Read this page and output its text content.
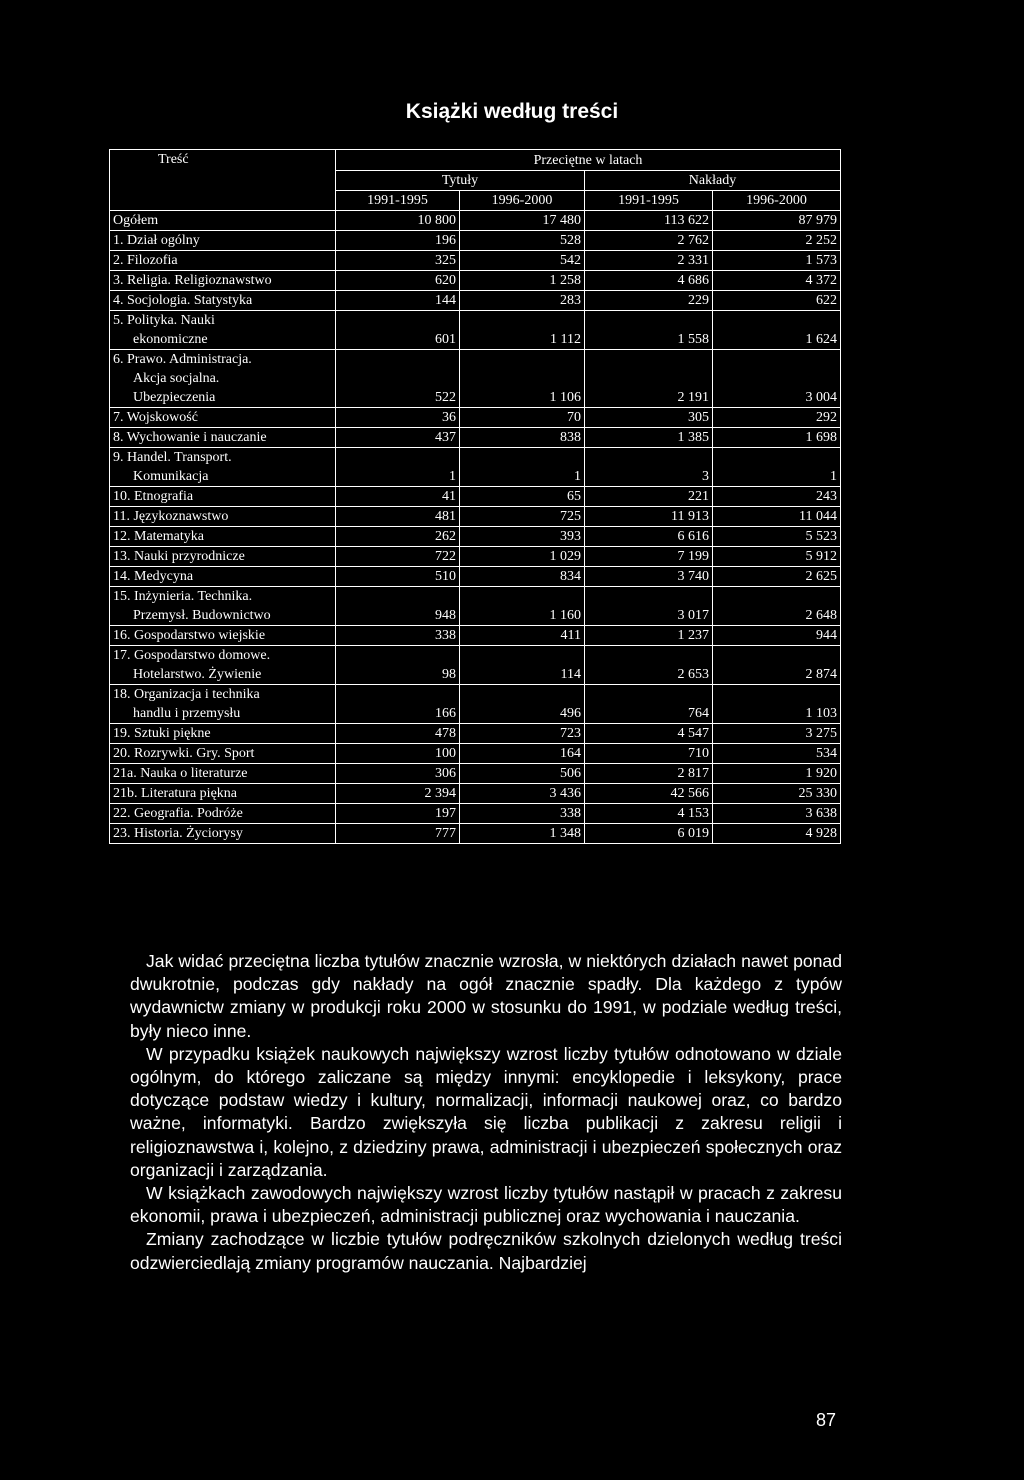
Książki według treści
Treść	Przeciętne w latach			
	Tytuły		Nakłady	
	1991-1995	1996-2000	1991-1995	1996-2000

Ogółem	10 800	17 480	113 622	87 979

1. Dział ogólny	196	528	2 762	2 252

2. Filozofia	325	542	2 331	1 573

3. Religia. Religioznawstwo	620	1 258	4 686	4 372

4. Socjologia. Statystyka	144	283	229	622

5. Polityka. Nauki
ekonomiczne	601	1 112	1 558	1 624

6. Prawo. Administracja.
Akcja socjalna.
Ubezpieczenia	522	1 106	2 191	3 004

7. Wojskowość	36	70	305	292

8. Wychowanie i nauczanie	437	838	1 385	1 698

9. Handel. Transport.
Komunikacja	1	1	3	1

10. Etnografia	41	65	221	243

11. Językoznawstwo	481	725	11 913	11 044

12. Matematyka	262	393	6 616	5 523

13. Nauki przyrodnicze	722	1 029	7 199	5 912

14. Medycyna	510	834	3 740	2 625

15. Inżynieria. Technika.
Przemysł. Budownictwo	948	1 160	3 017	2 648

16. Gospodarstwo wiejskie	338	411	1 237	944

17. Gospodarstwo domowe.
Hotelarstwo. Żywienie	98	114	2 653	2 874

18. Organizacja i technika
handlu i przemysłu	166	496	764	1 103

19. Sztuki piękne	478	723	4 547	3 275

20. Rozrywki. Gry. Sport	100	164	710	534

21a. Nauka o literaturze	306	506	2 817	1 920

21b. Literatura piękna	2 394	3 436	42 566	25 330

22. Geografia. Podróże	197	338	4 153	3 638

23. Historia. Życiorysy	777	1 348	6 019	4 928

Jak widać przeciętna liczba tytułów znacznie wzrosła, w niektórych działach nawet ponad dwukrotnie, podczas gdy nakłady na ogół znacznie spadły. Dla każdego z typów wydawnictw zmiany w produkcji roku 2000 w stosunku do 1991, w podziale według treści, były nieco inne.

W przypadku książek naukowych największy wzrost liczby tytułów odnotowano w dziale ogólnym, do którego zaliczane są między innymi: encyklopedie i leksykony, prace dotyczące podstaw wiedzy i kultury, normalizacji, informacji naukowej oraz, co bardzo ważne, informatyki. Bardzo zwiększyła się liczba publikacji z zakresu religii i religioznawstwa i, kolejno, z dziedziny prawa, administracji i ubezpieczeń społecznych oraz organizacji i zarządzania.

W książkach zawodowych największy wzrost liczby tytułów nastąpił w pracach z zakresu ekonomii, prawa i ubezpieczeń, administracji publicznej oraz wychowania i nauczania.

Zmiany zachodzące w liczbie tytułów podręczników szkolnych dzielonych według treści odzwierciedlają zmiany programów nauczania. Najbardziej

87
